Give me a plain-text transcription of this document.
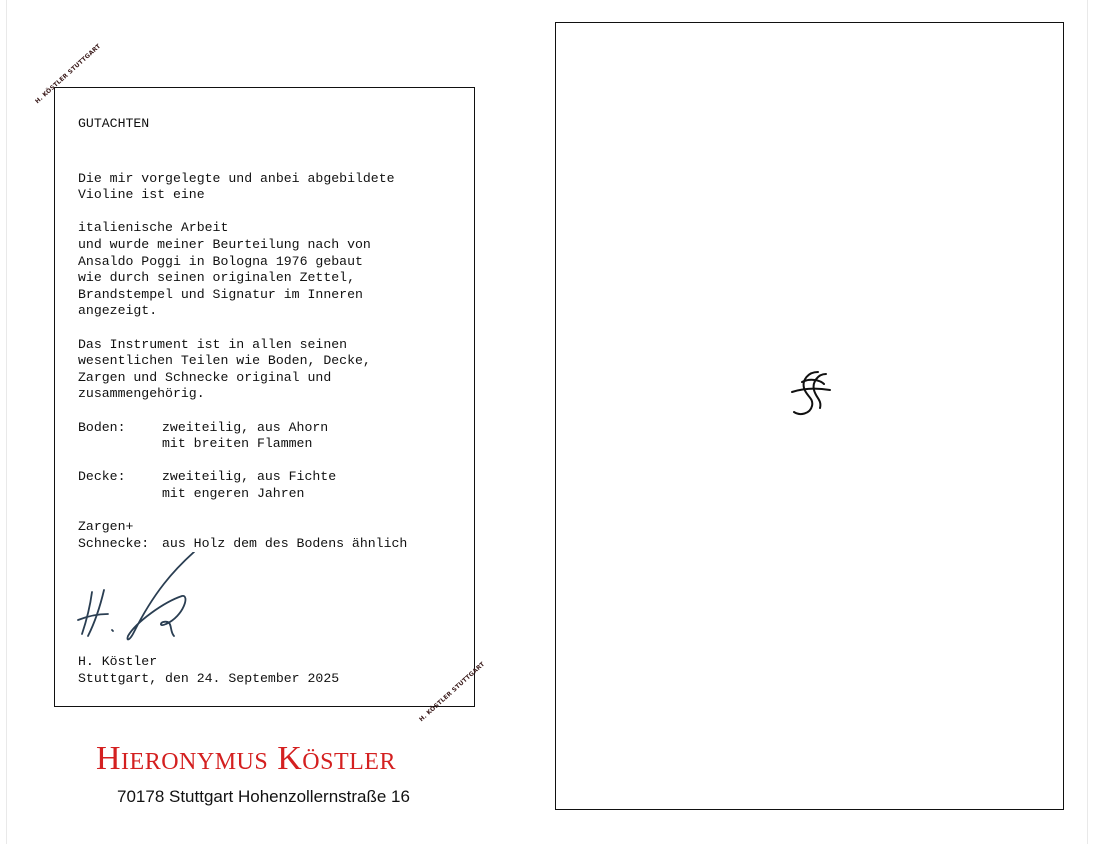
H. KÖSTLER STUTTGART
H. KÖSTLER STUTTGART
GUTACHTEN
Die mir vorgelegte und anbei abgebildete
Violine ist eine
italienische Arbeit
und wurde meiner Beurteilung nach von
Ansaldo Poggi in Bologna 1976 gebaut
wie durch seinen originalen Zettel,
Brandstempel und Signatur im Inneren
angezeigt.
Das Instrument ist in allen seinen
wesentlichen Teilen wie Boden, Decke,
Zargen und Schnecke original und
zusammengehörig.
Boden:	zweiteilig, aus Ahorn
mit breiten Flammen
Decke:	zweiteilig, aus Fichte
mit engeren Jahren
Zargen+
Schnecke: aus Holz dem des Bodens ähnlich
H. Köstler
Stuttgart, den 24. September 2025
Hieronymus Köstler
70178 Stuttgart Hohenzollernstraße 16
